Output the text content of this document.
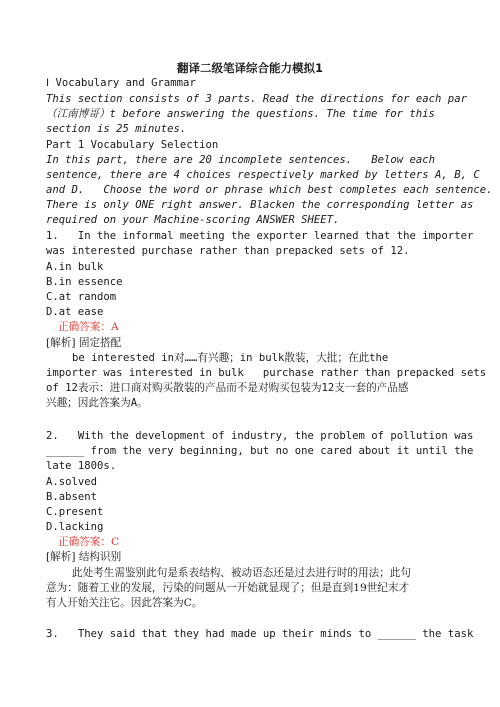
翻译二级笔译综合能力模拟1
Ⅰ Vocabulary and Grammar
This section consists of 3 parts. Read the directions for each par
（江南博哥）t before answering the questions. The time for this
section is 25 minutes.
Part 1 Vocabulary Selection
In this part, there are 20 incomplete sentences.   Below each
sentence, there are 4 choices respectively marked by letters A, B, C
and D.   Choose the word or phrase which best completes each sentence.
There is only ONE right answer. Blacken the corresponding letter as
required on your Machine-scoring ANSWER SHEET.
1.   In the informal meeting the exporter learned that the importer
was interested purchase rather than prepacked sets of 12.
A.in bulk
B.in essence
C.at random
D.at ease
正确答案：A
[解析] 固定搭配
be interested in对……有兴趣；in bulk散装，大批；在此the
importer was interested in bulk   purchase rather than prepacked sets
of 12表示：进口商对购买散装的产品而不是对购买包装为12支一套的产品感
兴趣；因此答案为A。
2.   With the development of industry, the problem of pollution was
______ from the very beginning, but no one cared about it until the
late 1800s.
A.solved
B.absent
C.present
D.lacking
正确答案：C
[解析] 结构识别
此处考生需鉴别此句是系表结构、被动语态还是过去进行时的用法；此句
意为：随着工业的发展，污染的问题从一开始就显现了；但是直到19世纪末才
有人开始关注它。因此答案为C。
3.   They said that they had made up their minds to ______ the task
